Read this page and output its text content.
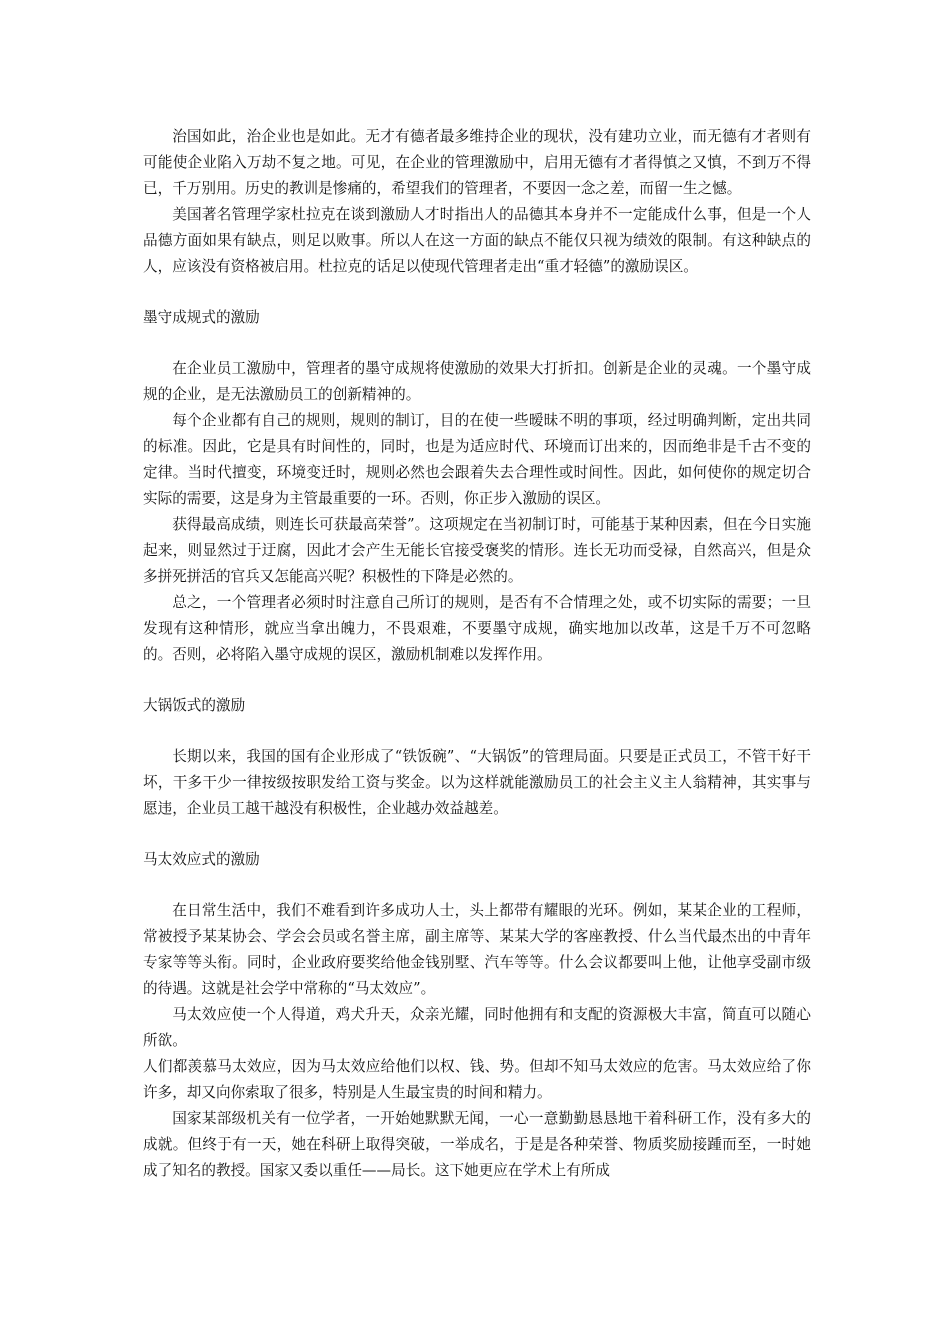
治国如此，治企业也是如此。无才有德者最多维持企业的现状，没有建功立业，而无德有才者则有可能使企业陷入万劫不复之地。可见，在企业的管理激励中，启用无德有才者得慎之又慎，不到万不得已，千万别用。历史的教训是惨痛的，希望我们的管理者，不要因一念之差，而留一生之憾。

美国著名管理学家杜拉克在谈到激励人才时指出人的品德其本身并不一定能成什么事，但是一个人品德方面如果有缺点，则足以败事。所以人在这一方面的缺点不能仅只视为绩效的限制。有这种缺点的人，应该没有资格被启用。杜拉克的话足以使现代管理者走出“重才轻德”的激励误区。

墨守成规式的激励

在企业员工激励中，管理者的墨守成规将使激励的效果大打折扣。创新是企业的灵魂。一个墨守成规的企业，是无法激励员工的创新精神的。

每个企业都有自己的规则，规则的制订，目的在使一些暧昧不明的事项，经过明确判断，定出共同的标准。因此，它是具有时间性的，同时，也是为适应时代、环境而订出来的，因而绝非是千古不变的定律。当时代擅变，环境变迁时，规则必然也会跟着失去合理性或时间性。因此，如何使你的规定切合实际的需要，这是身为主管最重要的一环。否则，你正步入激励的误区。

获得最高成绩，则连长可获最高荣誉”。这项规定在当初制订时，可能基于某种因素，但在今日实施起来，则显然过于迂腐，因此才会产生无能长官接受褒奖的情形。连长无功而受禄，自然高兴，但是众多拼死拼活的官兵又怎能高兴呢？积极性的下降是必然的。

总之，一个管理者必须时时注意自己所订的规则，是否有不合情理之处，或不切实际的需要；一旦发现有这种情形，就应当拿出魄力，不畏艰难，不要墨守成规，确实地加以改革，这是千万不可忽略的。否则，必将陷入墨守成规的误区，激励机制难以发挥作用。

大锅饭式的激励

长期以来，我国的国有企业形成了“铁饭碗”、“大锅饭”的管理局面。只要是正式员工，不管干好干坏，干多干少一律按级按职发给工资与奖金。以为这样就能激励员工的社会主义主人翁精神，其实事与愿违，企业员工越干越没有积极性，企业越办效益越差。

马太效应式的激励

在日常生活中，我们不难看到许多成功人士，头上都带有耀眼的光环。例如，某某企业的工程师，常被授予某某协会、学会会员或名誉主席，副主席等、某某大学的客座教授、什么当代最杰出的中青年专家等等头衔。同时，企业政府要奖给他金钱别墅、汽车等等。什么会议都要叫上他，让他享受副市级的待遇。这就是社会学中常称的“马太效应”。

马太效应使一个人得道，鸡犬升天，众亲光耀，同时他拥有和支配的资源极大丰富，简直可以随心所欲。

人们都羡慕马太效应，因为马太效应给他们以权、钱、势。但却不知马太效应的危害。马太效应给了你许多，却又向你索取了很多，特别是人生最宝贵的时间和精力。

国家某部级机关有一位学者，一开始她默默无闻，一心一意勤勤恳恳地干着科研工作，没有多大的成就。但终于有一天，她在科研上取得突破，一举成名，于是是各种荣誉、物质奖励接踵而至，一时她成了知名的教授。国家又委以重任——局长。这下她更应在学术上有所成
